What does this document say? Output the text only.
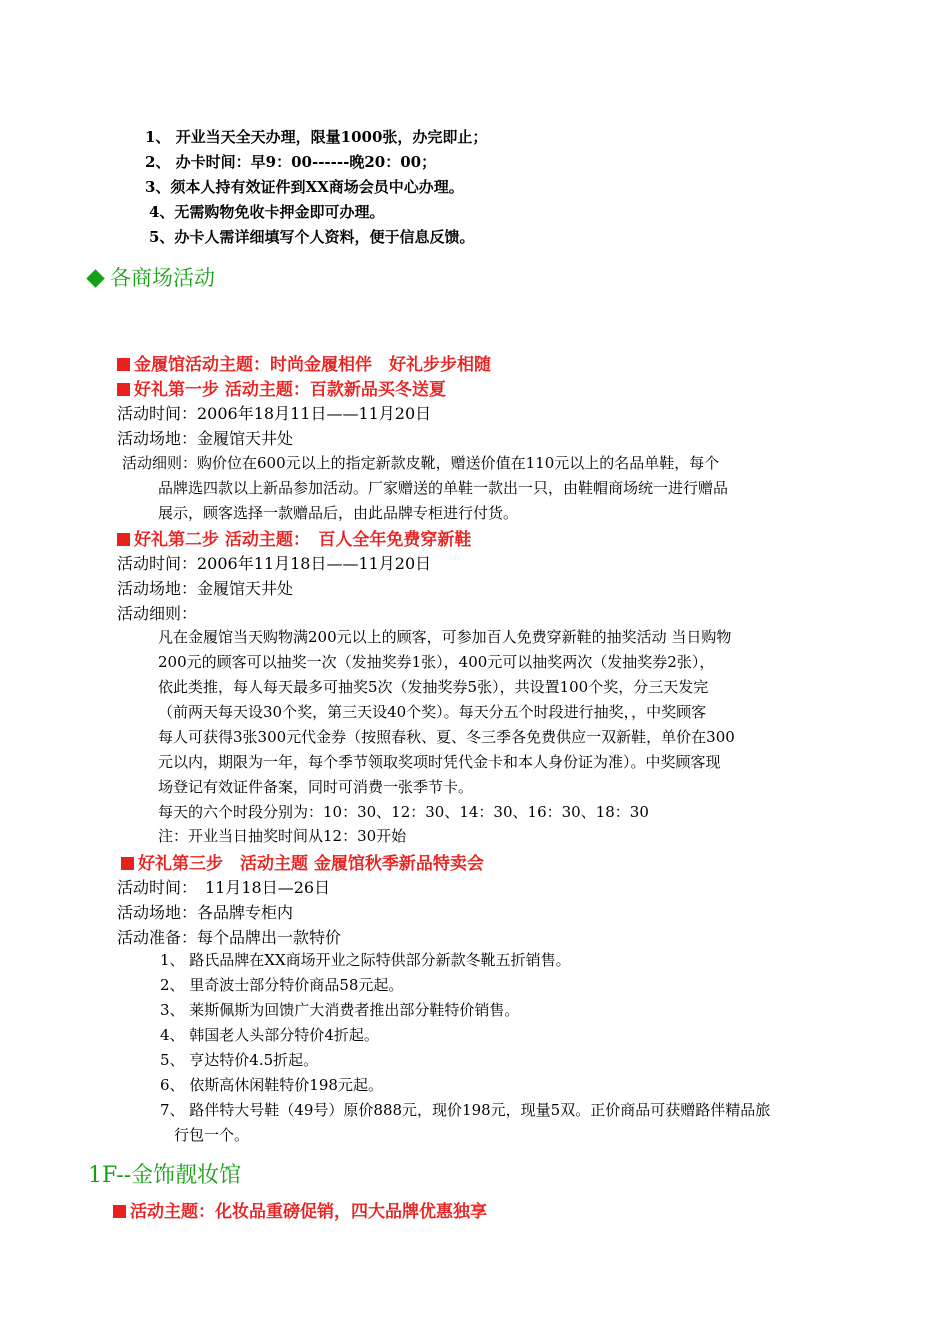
1、 开业当天全天办理，限量1000张，办完即止；
2、 办卡时间：早9：00------晚20：00；
3、须本人持有效证件到XX商场会员中心办理。
4、无需购物免收卡押金即可办理。
5、办卡人需详细填写个人资料，便于信息反馈。
各商场活动
金履馆活动主题：时尚金履相伴　好礼步步相随
好礼第一步 活动主题：百款新品买冬送夏
活动时间：2006年18月11日——11月20日
活动场地：金履馆天井处
活动细则：购价位在600元以上的指定新款皮靴，赠送价值在110元以上的名品单鞋，每个
品牌选四款以上新品参加活动。厂家赠送的单鞋一款出一只，由鞋帽商场统一进行赠品
展示，顾客选择一款赠品后，由此品牌专柜进行付货。
好礼第二步 活动主题：　百人全年免费穿新鞋
活动时间：2006年11月18日——11月20日
活动场地：金履馆天井处
活动细则：
凡在金履馆当天购物满200元以上的顾客，可参加百人免费穿新鞋的抽奖活动 当日购物
200元的顾客可以抽奖一次（发抽奖券1张），400元可以抽奖两次（发抽奖券2张），
依此类推，每人每天最多可抽奖5次（发抽奖券5张），共设置100个奖，分三天发完
（前两天每天设30个奖，第三天设40个奖）。每天分五个时段进行抽奖，，中奖顾客
每人可获得3张300元代金券（按照春秋、夏、冬三季各免费供应一双新鞋，单价在300
元以内，期限为一年，每个季节领取奖项时凭代金卡和本人身份证为准）。中奖顾客现
场登记有效证件备案，同时可消费一张季节卡。
每天的六个时段分别为：10：30、12：30、14：30、16：30、18：30
注：开业当日抽奖时间从12：30开始
好礼第三步　活动主题 金履馆秋季新品特卖会
活动时间：　11月18日—26日
活动场地：各品牌专柜内
活动准备：每个品牌出一款特价
1、 路氏品牌在XX商场开业之际特供部分新款冬靴五折销售。
2、 里奇波士部分特价商品58元起。
3、 莱斯佩斯为回馈广大消费者推出部分鞋特价销售。
4、 韩国老人头部分特价4折起。
5、 亨达特价4.5折起。
6、 依斯高休闲鞋特价198元起。
7、 路伴特大号鞋（49号）原价888元，现价198元，现量5双。正价商品可获赠路伴精品旅
行包一个。
1F--金饰靓妆馆
活动主题：化妆品重磅促销，四大品牌优惠独享
